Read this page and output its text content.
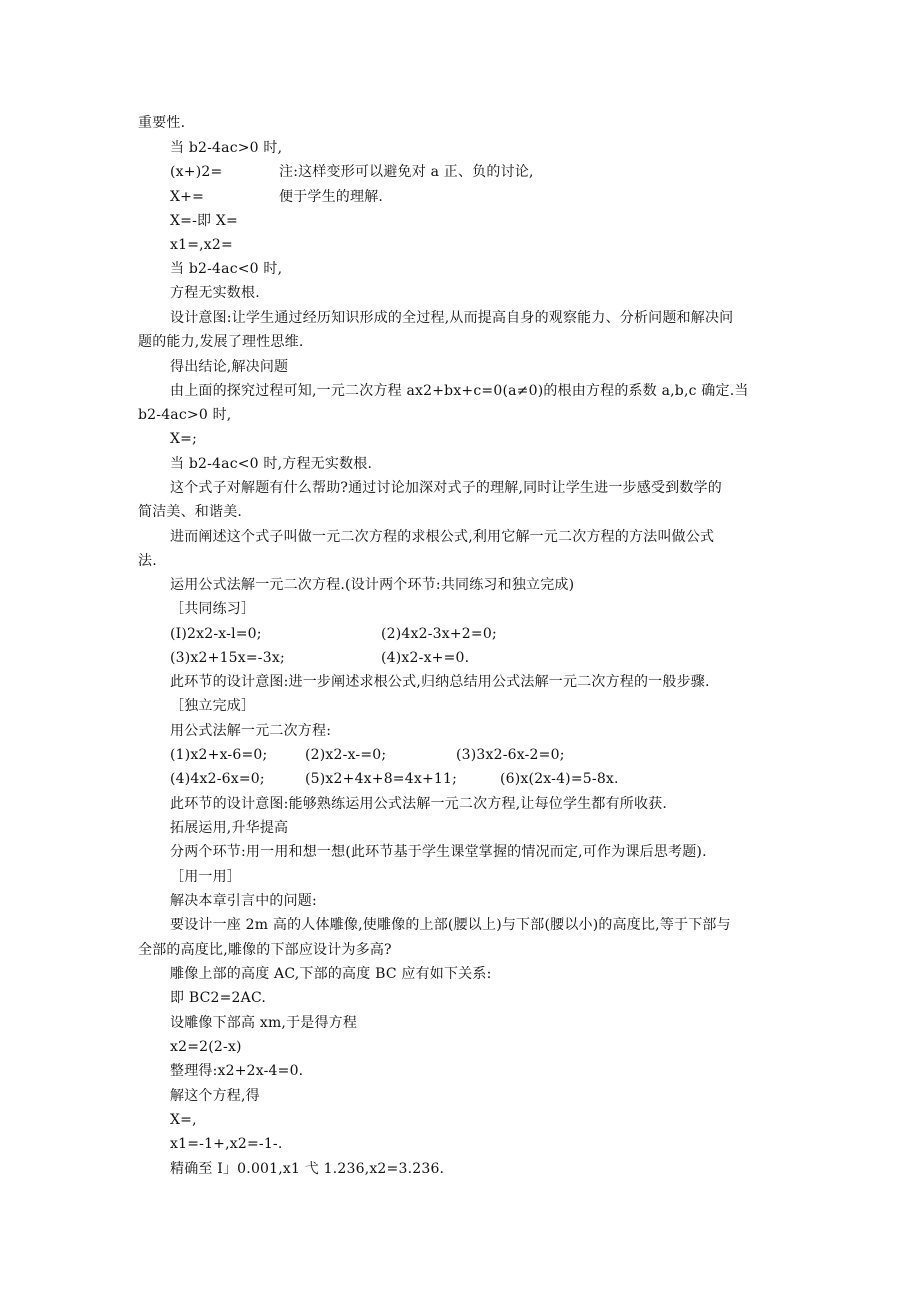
重要性.
当 b2-4ac>0 时,
(x+)2=	注:这样变形可以避免对 a 正、负的讨论,
X+=	便于学生的理解.
X=-即 X=
x1=,x2=
当 b2-4ac<0 时,
方程无实数根.
设计意图:让学生通过经历知识形成的全过程,从而提高自身的观察能力、分析问题和解决问
题的能力,发展了理性思维.
得出结论,解决问题
由上面的探究过程可知,一元二次方程 ax2+bx+c=0(a≠0)的根由方程的系数 a,b,c 确定.当
b2-4ac>0 时,
X=;
当 b2-4ac<0 时,方程无实数根.
这个式子对解题有什么帮助?通过讨论加深对式子的理解,同时让学生进一步感受到数学的
简洁美、和谐美.
进而阐述这个式子叫做一元二次方程的求根公式,利用它解一元二次方程的方法叫做公式
法.
运用公式法解一元二次方程.(设计两个环节:共同练习和独立完成)
［共同练习］
(I)2x2-x-l=0;	(2)4x2-3x+2=0;
(3)x2+15x=-3x;	(4)x2-x+=0.
此环节的设计意图:进一步阐述求根公式,归纳总结用公式法解一元二次方程的一般步骤.
［独立完成］
用公式法解一元二次方程:
(1)x2+x-6=0;	(2)x2-x-=0;	(3)3x2-6x-2=0;
(4)4x2-6x=0;	(5)x2+4x+8=4x+11;	(6)x(2x-4)=5-8x.
此环节的设计意图:能够熟练运用公式法解一元二次方程,让每位学生都有所收获.
拓展运用,升华提高
分两个环节:用一用和想一想(此环节基于学生课堂掌握的情况而定,可作为课后思考题).
［用一用］
解决本章引言中的问题:
要设计一座 2m 高的人体雕像,使雕像的上部(腰以上)与下部(腰以小)的高度比,等于下部与
全部的高度比,雕像的下部应设计为多高?
雕像上部的高度 AC,下部的高度 BC 应有如下关系:
即 BC2=2AC.
设雕像下部高 xm,于是得方程
x2=2(2-x)
整理得:x2+2x-4=0.
解这个方程,得
X=,
x1=-1+,x2=-1-.
精确至 I」0.001,x1 弋 1.236,x2=3.236.
